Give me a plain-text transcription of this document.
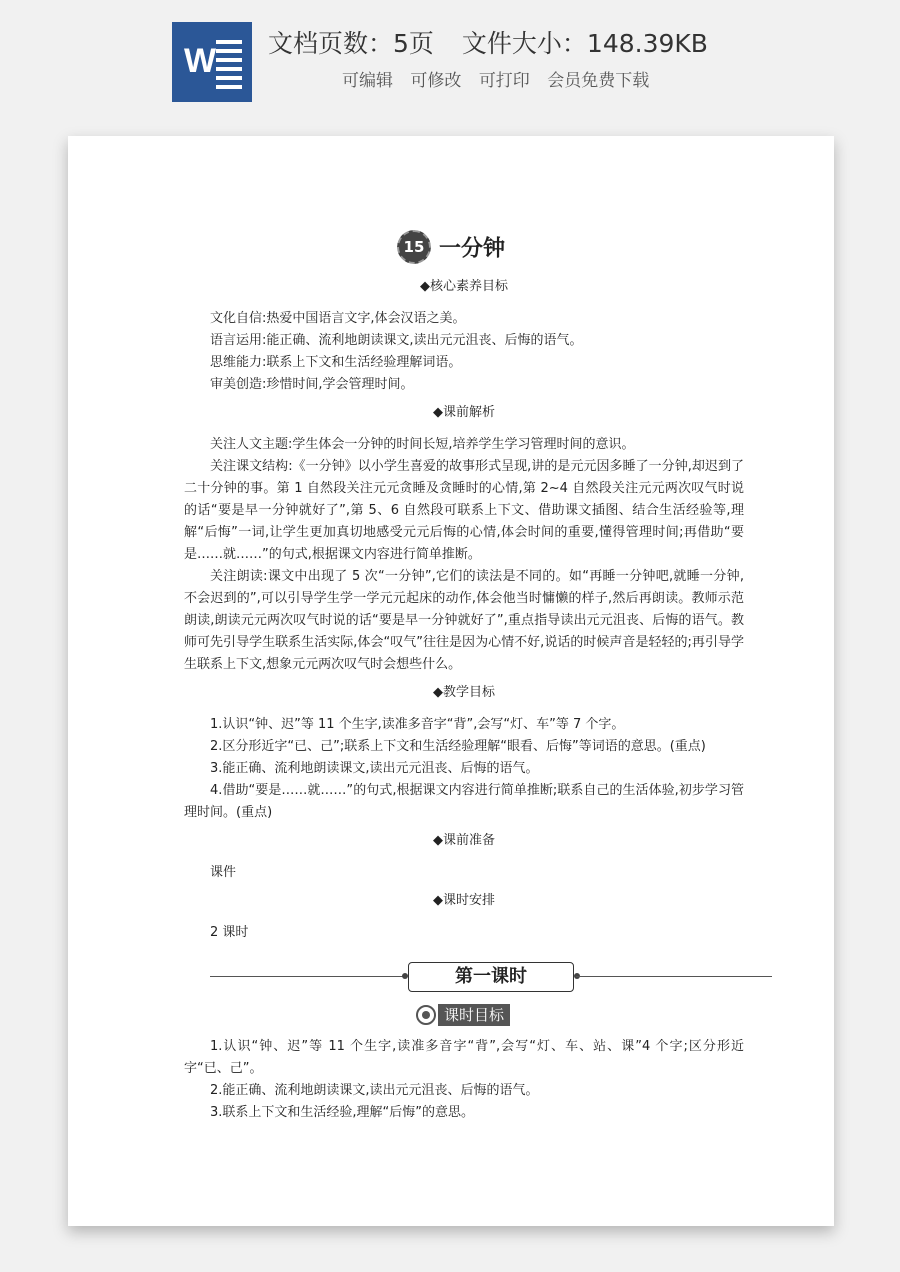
W 文档页数：5页 文件大小：148.39KB
可编辑 可修改 可打印 会员免费下载
15 一分钟

◆核心素养目标

文化自信:热爱中国语言文字,体会汉语之美。

语言运用:能正确、流利地朗读课文,读出元元沮丧、后悔的语气。

思维能力:联系上下文和生活经验理解词语。

审美创造:珍惜时间,学会管理时间。

◆课前解析

关注人文主题:学生体会一分钟的时间长短,培养学生学习管理时间的意识。

关注课文结构:《一分钟》以小学生喜爱的故事形式呈现,讲的是元元因多睡了一分钟,却迟到了二十分钟的事。第 1 自然段关注元元贪睡及贪睡时的心情,第 2~4 自然段关注元元两次叹气时说的话“要是早一分钟就好了”,第 5、6 自然段可联系上下文、借助课文插图、结合生活经验等,理解“后悔”一词,让学生更加真切地感受元元后悔的心情,体会时间的重要,懂得管理时间;再借助“要是……就……”的句式,根据课文内容进行简单推断。

关注朗读:课文中出现了 5 次“一分钟”,它们的读法是不同的。如“再睡一分钟吧,就睡一分钟,不会迟到的”,可以引导学生学一学元元起床的动作,体会他当时慵懒的样子,然后再朗读。教师示范朗读,朗读元元两次叹气时说的话“要是早一分钟就好了”,重点指导读出元元沮丧、后悔的语气。教师可先引导学生联系生活实际,体会“叹气”往往是因为心情不好,说话的时候声音是轻轻的;再引导学生联系上下文,想象元元两次叹气时会想些什么。

◆教学目标

1.认识“钟、迟”等 11 个生字,读准多音字“背”,会写“灯、车”等 7 个字。

2.区分形近字“已、己”;联系上下文和生活经验理解“眼看、后悔”等词语的意思。(重点)

3.能正确、流利地朗读课文,读出元元沮丧、后悔的语气。

4.借助“要是……就……”的句式,根据课文内容进行简单推断;联系自己的生活体验,初步学习管理时间。(重点)

◆课前准备

课件

◆课时安排

2 课时

第一课时
课时目标

1.认识“钟、迟”等 11 个生字,读准多音字“背”,会写“灯、车、站、课”4 个字;区分形近字“已、己”。

2.能正确、流利地朗读课文,读出元元沮丧、后悔的语气。

3.联系上下文和生活经验,理解“后悔”的意思。
